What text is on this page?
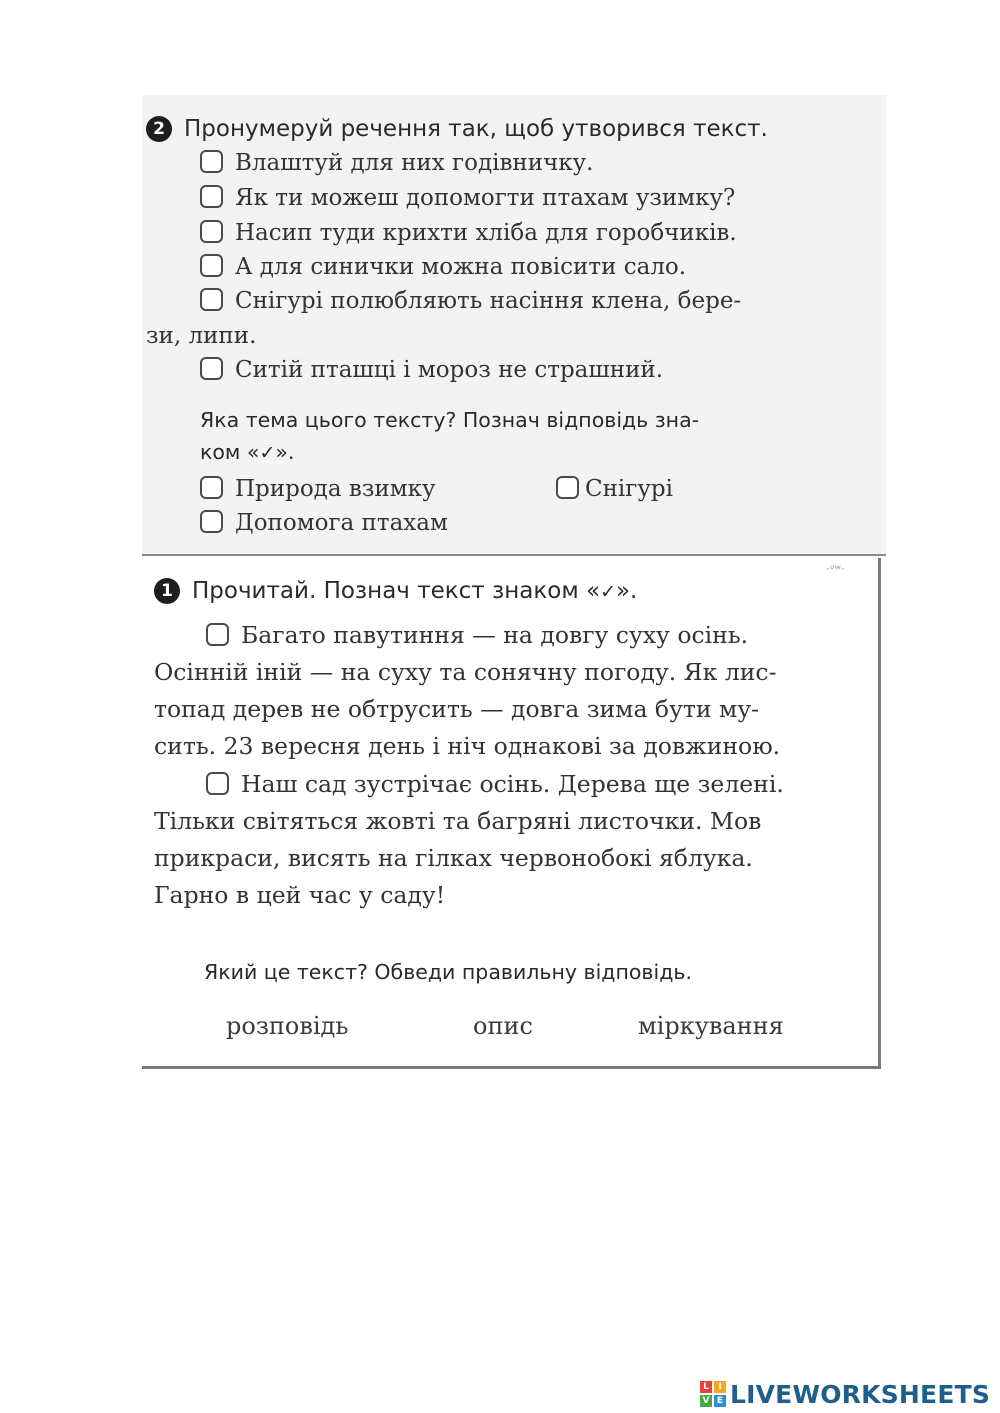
2 Пронумеруй речення так, щоб утворився текст.
Влаштуй для них годівничку.
Як ти можеш допомогти птахам узимку?
Насип туди крихти хліба для горобчиків.
А для синички можна повісити сало.
Снігурі полюбляють насіння клена, бере-
зи, липи.
Ситій пташці і мороз не страшний.
Яка тема цього тексту? Познач відповідь зна-
ком «✓».
Природа взимку	Снігурі
Допомога птахам
·ᵒʷ·
1 Прочитай. Познач текст знаком «✓».
Багато павутиння — на довгу суху осінь.
Осінній іній — на суху та сонячну погоду. Як лис-
топад дерев не обтрусить — довга зима бути му-
сить. 23 вересня день і ніч однакові за довжиною.
Наш сад зустрічає осінь. Дерева ще зелені.
Тільки світяться жовті та багряні листочки. Мов
прикраси, висять на гілках червонобокі яблука.
Гарно в цей час у саду!
Який це текст? Обведи правильну відповідь.
розповідь	опис	міркування
L	I
V E LIVEWORKSHEETS
